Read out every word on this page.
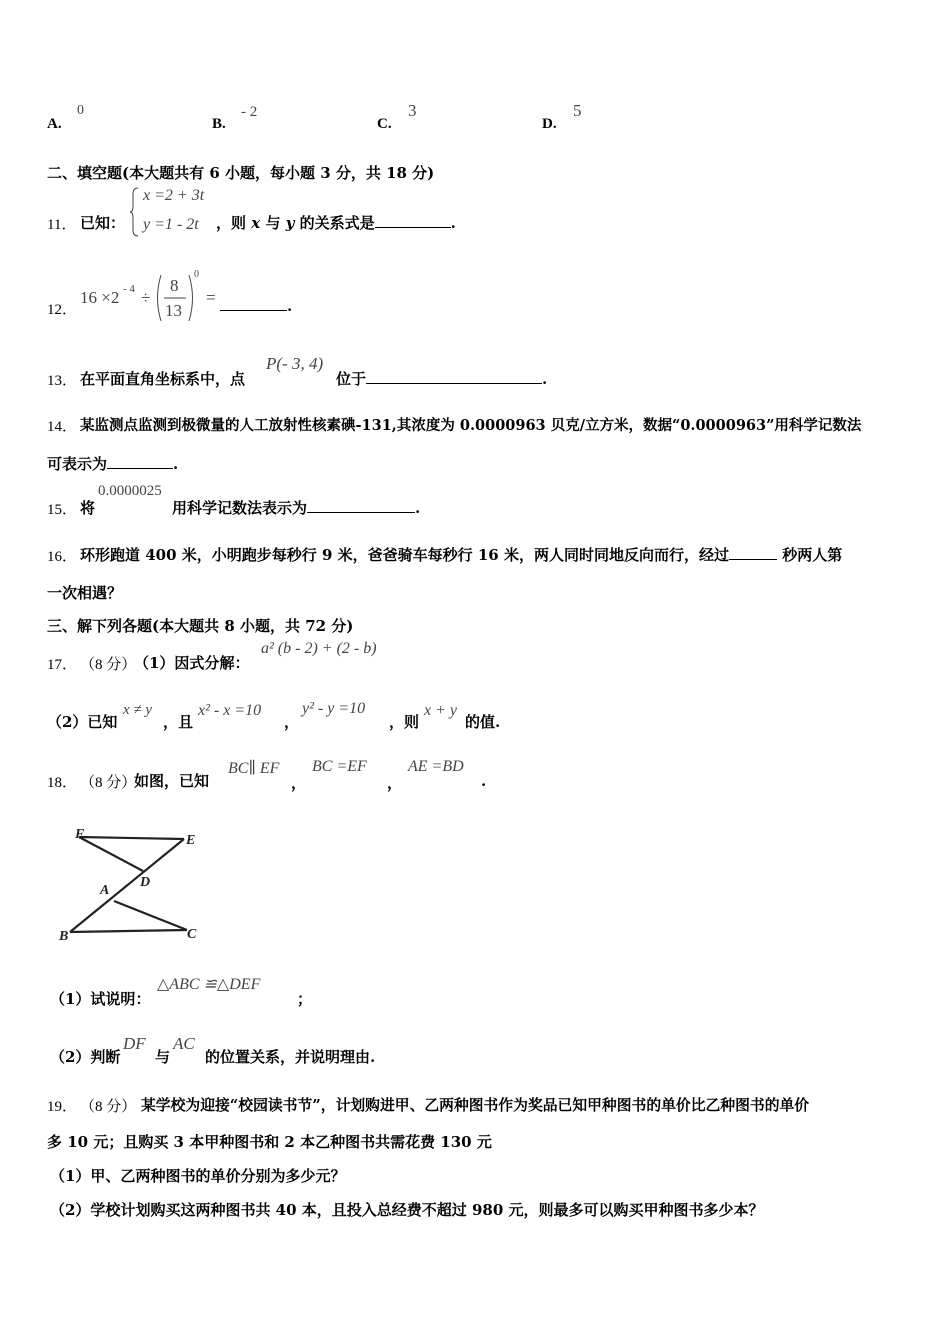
A.
0
B.
- 2
C.
3
D.
5
二、填空题(本大题共有 6 小题，每小题 3 分，共 18 分)
11． 已知：
x =2 + 3t
y =1 - 2t ，则 x 与 y 的关系式是	.
12．
16 ×2 - 4 ÷
8
13
0
=	.
13． 在平面直角坐标系中，点
P(- 3, 4)
位于	.
14． 某监测点监测到极微量的人工放射性核素碘-131,其浓度为 0.0000963 贝克/立方米，数据“0.0000963”用科学记数法
可表示为	.
15． 将
0.0000025
用科学记数法表示为	.
16． 环形跑道 400 米，小明跑步每秒行 9 米，爸爸骑车每秒行 16 米，两人同时同地反向而行，经过	秒两人第
一次相遇？
三、解下列各题(本大题共 8 小题，共 72 分)
17． （8 分）
（1）因式分解：
a² (b - 2) + (2 - b)
（2）已知
x ≠ y
，且
x² - x =10
，
y² - y =10
，则
x + y
的值.
18． （8 分）
如图，已知
BC∥ EF
，
BC =EF
，
AE =BD
.
F	E
D
A
B	C
（1）试说明：
△ABC ≌△DEF
；
（2）判断
DF
与
AC
的位置关系，并说明理由.
19． （8 分） 某学校为迎接“校园读书节”，计划购进甲、乙两种图书作为奖品已知甲种图书的单价比乙种图书的单价
多 10 元；且购买 3 本甲种图书和 2 本乙种图书共需花费 130 元
（1）甲、乙两种图书的单价分别为多少元？
（2）学校计划购买这两种图书共 40 本，且投入总经费不超过 980 元，则最多可以购买甲种图书多少本？
